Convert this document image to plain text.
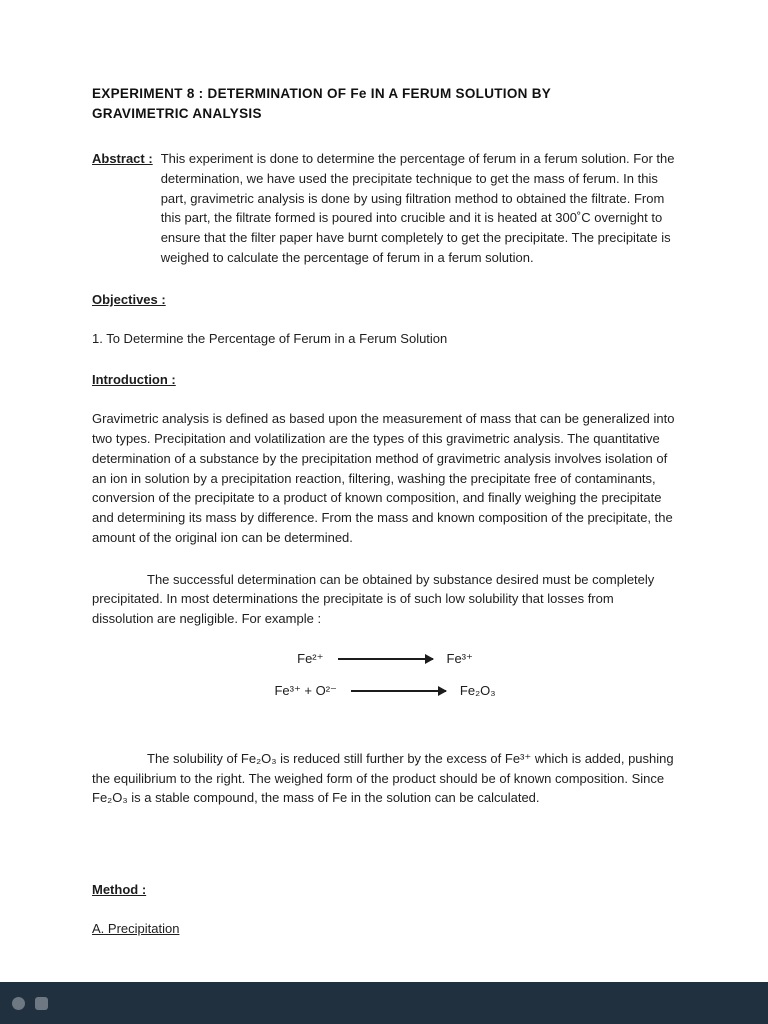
EXPERIMENT 8 : DETERMINATION OF Fe IN A FERUM SOLUTION BY
GRAVIMETRIC ANALYSIS
Abstract : This experiment is done to determine the percentage of ferum in a ferum solution. For the determination, we have used the precipitate technique to get the mass of ferum. In this part, gravimetric analysis is done by using filtration method to obtained the filtrate. From this part, the filtrate formed is poured into crucible and it is heated at 300˚C overnight to ensure that the filter paper have burnt completely to get the precipitate. The precipitate is weighed to calculate the percentage of ferum in a ferum solution.
Objectives :

1. To Determine the Percentage of Ferum in a Ferum Solution

Introduction :

Gravimetric analysis is defined as based upon the measurement of mass that can be generalized into two types. Precipitation and volatilization are the types of this gravimetric analysis. The quantitative determination of a substance by the precipitation method of gravimetric analysis involves isolation of an ion in solution by a precipitation reaction, filtering, washing the precipitate free of contaminants, conversion of the precipitate to a product of known composition, and finally weighing the precipitate and determining its mass by difference. From the mass and known composition of the precipitate, the amount of the original ion can be determined.

The successful determination can be obtained by substance desired must be completely precipitated. In most determinations the precipitate is of such low solubility that losses from dissolution are negligible. For example :

Fe²⁺	Fe³⁺
Fe³⁺ + O²⁻	Fe₂O₃

The solubility of Fe₂O₃ is reduced still further by the excess of Fe³⁺ which is added, pushing the equilibrium to the right. The weighed form of the product should be of known composition. Since Fe₂O₃ is a stable compound, the mass of Fe in the solution can be calculated.

Method :

A. Precipitation
